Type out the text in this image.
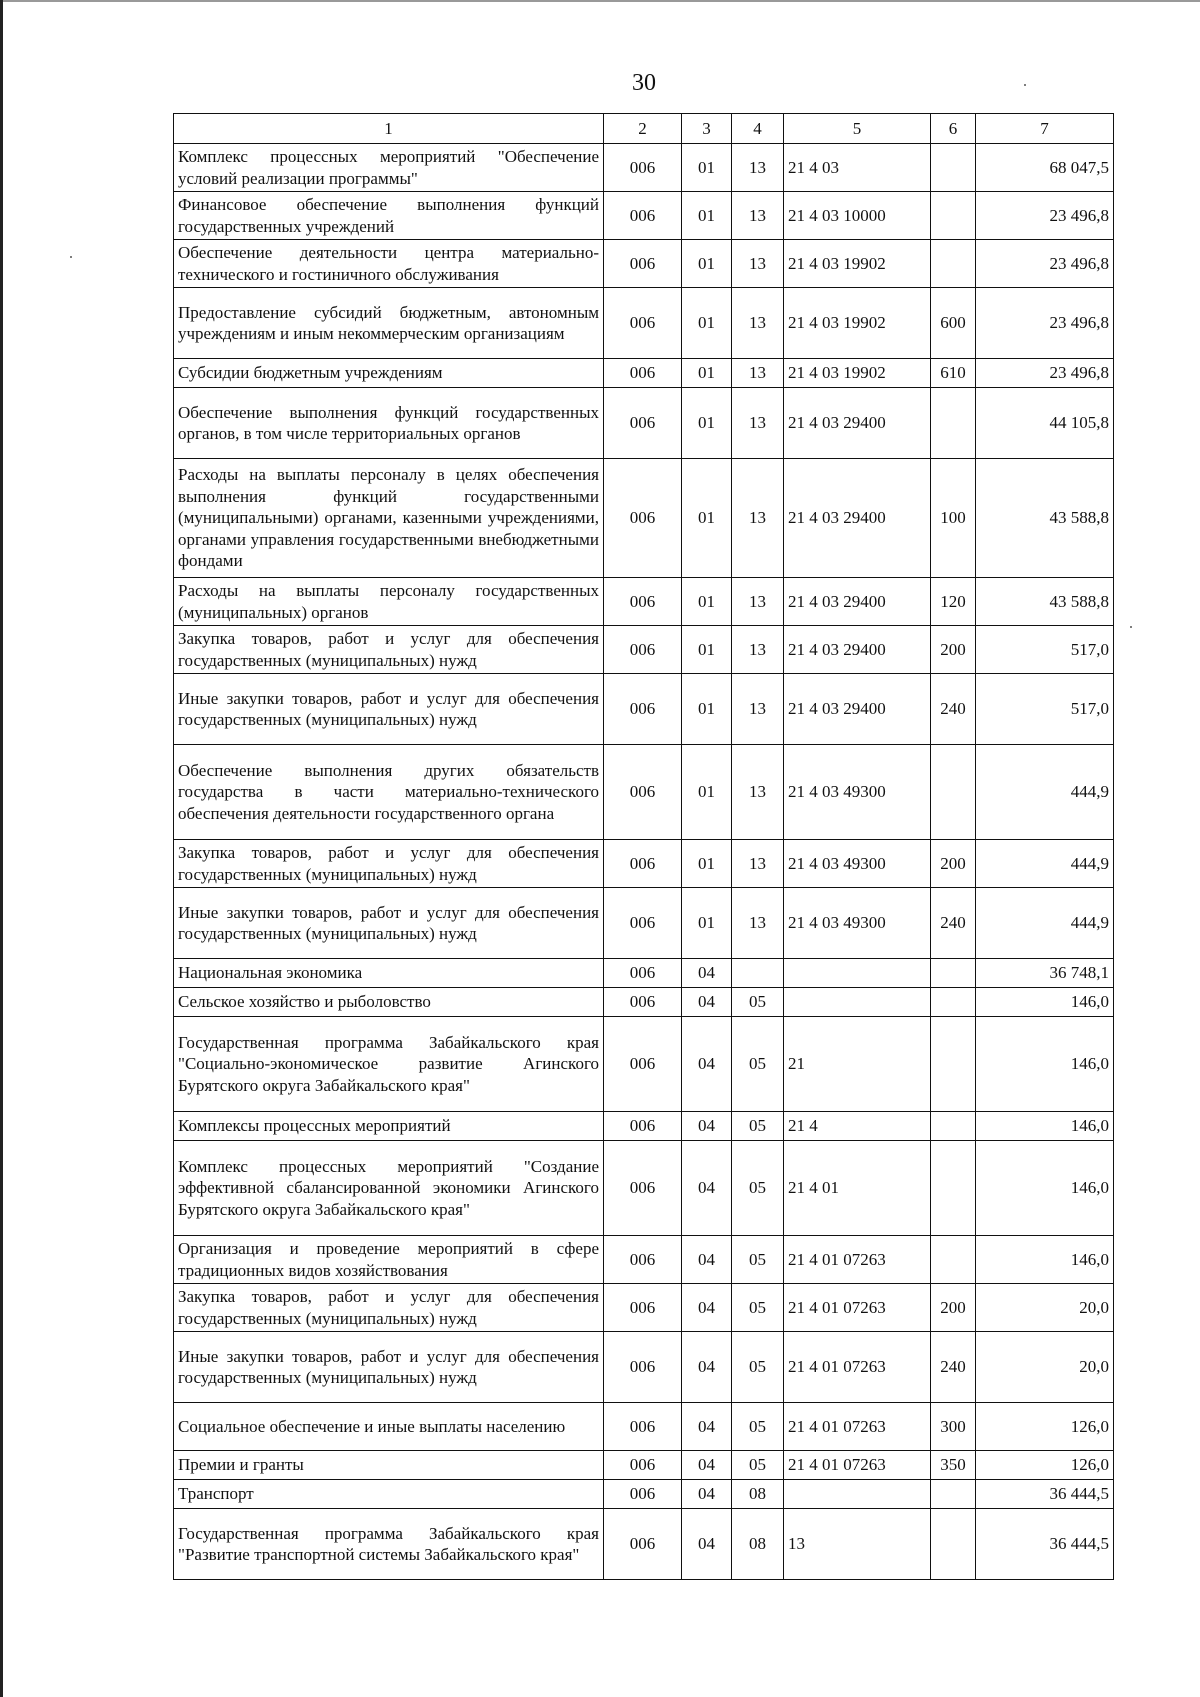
30
1	2	3	4	5	6	7
Комплекс процессных мероприятий "Обеспечение условий реализации программы"	006	01	13	21 4 03		68 047,5
Финансовое обеспечение выполнения функций государственных учреждений	006	01	13	21 4 03 10000		23 496,8
Обеспечение деятельности центра материально-технического и гостиничного обслуживания	006	01	13	21 4 03 19902		23 496,8
Предоставление субсидий бюджетным, автономным учреждениям и иным некоммерческим организациям	006	01	13	21 4 03 19902	600	23 496,8
Субсидии бюджетным учреждениям	006	01	13	21 4 03 19902	610	23 496,8
Обеспечение выполнения функций государственных органов, в том числе территориальных органов	006	01	13	21 4 03 29400		44 105,8
Расходы на выплаты персоналу в целях обеспечения выполнения функций государственными (муниципальными) органами, казенными учреждениями, органами управления государственными внебюджетными фондами	006	01	13	21 4 03 29400	100	43 588,8
Расходы на выплаты персоналу государственных (муниципальных) органов	006	01	13	21 4 03 29400	120	43 588,8
Закупка товаров, работ и услуг для обеспечения государственных (муниципальных) нужд	006	01	13	21 4 03 29400	200	517,0
Иные закупки товаров, работ и услуг для обеспечения государственных (муниципальных) нужд	006	01	13	21 4 03 29400	240	517,0
Обеспечение выполнения других обязательств государства в части материально-технического обеспечения деятельности государственного органа	006	01	13	21 4 03 49300		444,9
Закупка товаров, работ и услуг для обеспечения государственных (муниципальных) нужд	006	01	13	21 4 03 49300	200	444,9
Иные закупки товаров, работ и услуг для обеспечения государственных (муниципальных) нужд	006	01	13	21 4 03 49300	240	444,9
Национальная экономика	006	04				36 748,1
Сельское хозяйство и рыболовство	006	04	05			146,0
Государственная программа Забайкальского края "Социально-экономическое развитие Агинского Бурятского округа Забайкальского края"	006	04	05	21		146,0
Комплексы процессных мероприятий	006	04	05	21 4		146,0
Комплекс процессных мероприятий "Создание эффективной сбалансированной экономики Агинского Бурятского округа Забайкальского края"	006	04	05	21 4 01		146,0
Организация и проведение мероприятий в сфере традиционных видов хозяйствования	006	04	05	21 4 01 07263		146,0
Закупка товаров, работ и услуг для обеспечения государственных (муниципальных) нужд	006	04	05	21 4 01 07263	200	20,0
Иные закупки товаров, работ и услуг для обеспечения государственных (муниципальных) нужд	006	04	05	21 4 01 07263	240	20,0
Социальное обеспечение и иные выплаты населению	006	04	05	21 4 01 07263	300	126,0
Премии и гранты	006	04	05	21 4 01 07263	350	126,0
Транспорт	006	04	08			36 444,5
Государственная программа Забайкальского края "Развитие транспортной системы Забайкальского края"	006	04	08	13		36 444,5
